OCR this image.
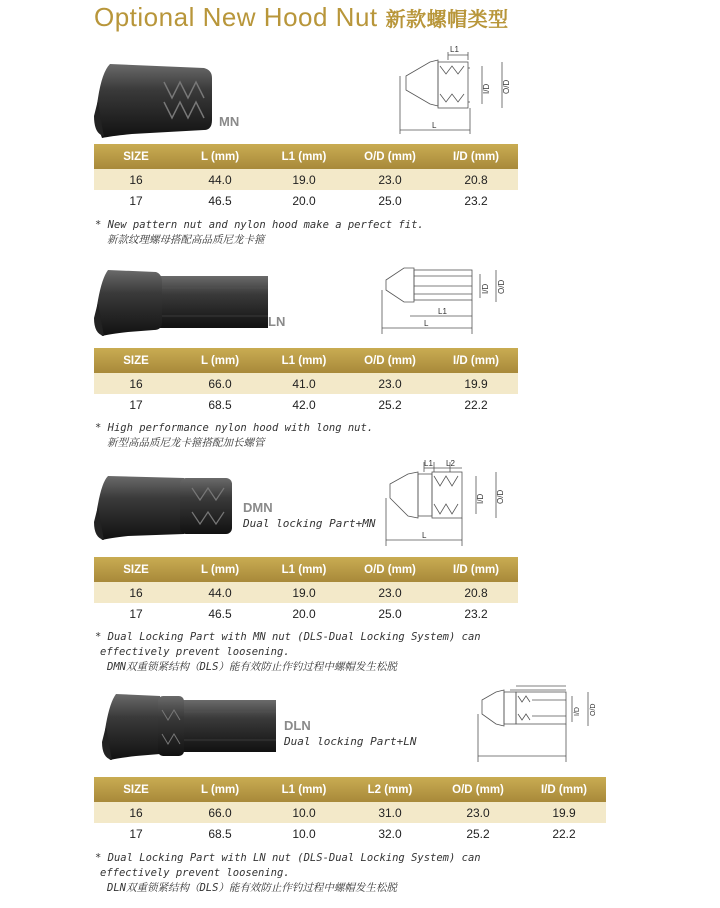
Optional New Hood Nut 新款螺帽类型
MN
L1
L
I/D O/D
SIZE	L (mm)	L1 (mm)	O/D (mm)	I/D (mm)
16	44.0	19.0	23.0	20.8
17	46.5	20.0	25.0	23.2
* New pattern nut and nylon hood make a perfect fit.
新款纹理螺母搭配高品质尼龙卡箍
LN
L1
L
I/D O/D
SIZE	L (mm)	L1 (mm)	O/D (mm)	I/D (mm)
16	66.0	41.0	23.0	19.9
17	68.5	42.0	25.2	22.2
* High performance nylon hood with long nut.
新型高品质尼龙卡箍搭配加长螺管
DMN
Dual locking Part+MN
L1 L2
L
I/D O/D
SIZE	L (mm)	L1 (mm)	O/D (mm)	I/D (mm)
16	44.0	19.0	23.0	20.8
17	46.5	20.0	25.0	23.2
* Dual Locking Part with MN nut (DLS-Dual Locking System) can
effectively prevent loosening.
DMN双重锁紧结构（DLS）能有效防止作钓过程中螺帽发生松脱
DLN
Dual locking Part+LN
I/D O/D
SIZE	L (mm)	L1 (mm)	L2 (mm)	O/D (mm)	I/D (mm)
16	66.0	10.0	31.0	23.0	19.9
17	68.5	10.0	32.0	25.2	22.2
* Dual Locking Part with LN nut (DLS-Dual Locking System) can
effectively prevent loosening.
DLN双重锁紧结构（DLS）能有效防止作钓过程中螺帽发生松脱
